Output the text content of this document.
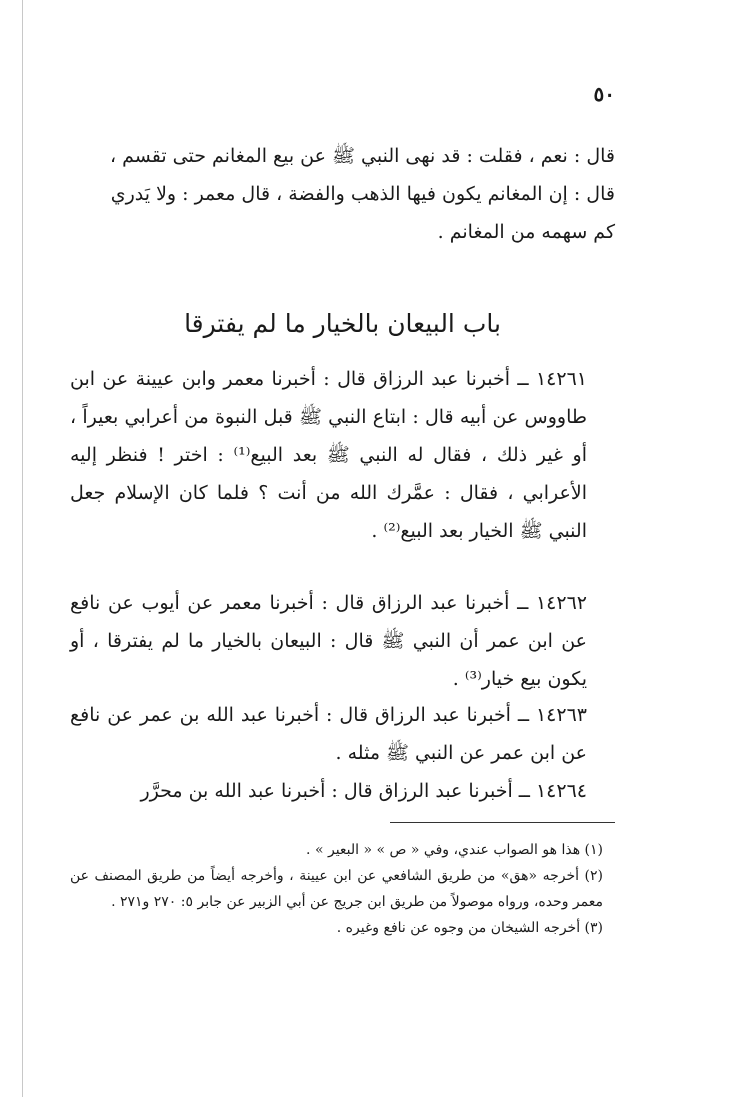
٥٠

قال : نعم ، فقلت : قد نهى النبي ﷺ عن بيع المغانم حتى تقسم ،

قال : إن المغانم يكون فيها الذهب والفضة ، قال معمر : ولا يَدري

كم سهمه من المغانم .

باب البيعان بالخيار ما لم يفترقا

١٤٢٦١ ــ أخبرنا عبد الرزاق قال : أخبرنا معمر وابن عيينة عن ابن طاووس عن أبيه قال : ابتاع النبي ﷺ قبل النبوة من أعرابي بعيراً ، أو غير ذلك ، فقال له النبي ﷺ بعد البيع⁽¹⁾ : اختر ! فنظر إليه الأعرابي ، فقال : عمَّرك الله من أنت ؟ فلما كان الإسلام جعل النبي ﷺ الخيار بعد البيع⁽²⁾ .

١٤٢٦٢ ــ أخبرنا عبد الرزاق قال : أخبرنا معمر عن أيوب عن نافع عن ابن عمر أن النبي ﷺ قال : البيعان بالخيار ما لم يفترقا ، أو يكون بيع خيار⁽³⁾ .

١٤٢٦٣ ــ أخبرنا عبد الرزاق قال : أخبرنا عبد الله بن عمر عن نافع عن ابن عمر عن النبي ﷺ مثله .

١٤٢٦٤ ــ أخبرنا عبد الرزاق قال : أخبرنا عبد الله بن محرَّر

(١) هذا هو الصواب عندي، وفي « ص » « البعير » .

(٢) أخرجه «هق» من طريق الشافعي عن ابن عيينة ، وأخرجه أيضاً من طريق المصنف عن معمر وحده، ورواه موصولاً من طريق ابن جريج عن أبي الزبير عن جابر ٥: ٢٧٠ و٢٧١ .

(٣) أخرجه الشيخان من وجوه عن نافع وغيره .
